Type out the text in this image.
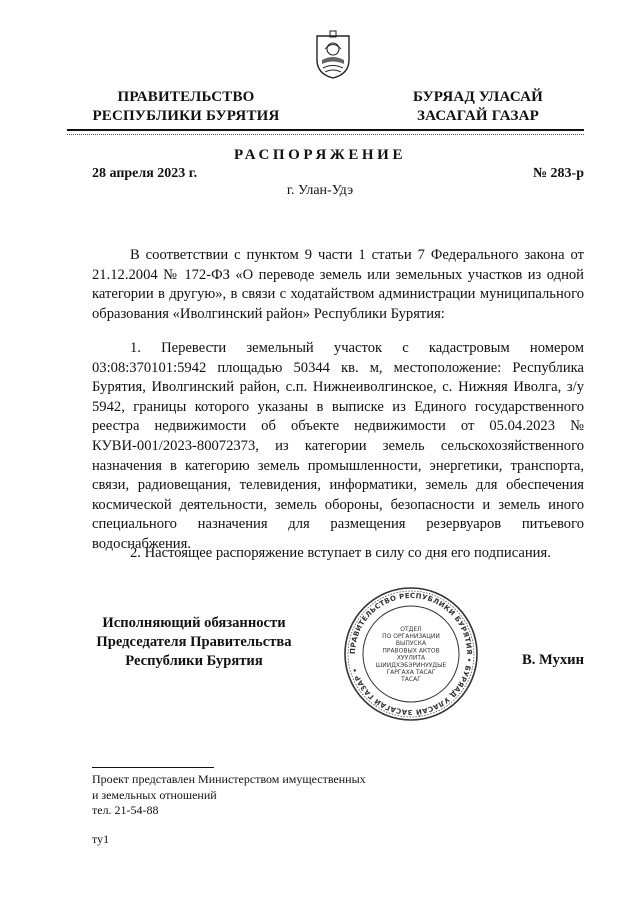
ПРАВИТЕЛЬСТВО
РЕСПУБЛИКИ БУРЯТИЯ
БУРЯАД УЛАСАЙ
ЗАСАГАЙ ГАЗАР
РАСПОРЯЖЕНИЕ
28 апреля 2023 г.	№ 283-р
г. Улан-Удэ
В соответствии с пунктом 9 части 1 статьи 7 Федерального закона от 21.12.2004 № 172-ФЗ «О переводе земель или земельных участков из одной категории в другую», в связи с ходатайством администрации муниципального образования «Иволгинский район» Республики Бурятия:
1. Перевести земельный участок с кадастровым номером 03:08:370101:5942 площадью 50344 кв. м, местоположение: Республика Бурятия, Иволгинский район, с.п. Нижнеиволгинское, с. Нижняя Иволга, з/у 5942, границы которого указаны в выписке из Единого государственного реестра недвижимости об объекте недвижимости от 05.04.2023 № КУВИ-001/2023-80072373, из категории земель сельскохозяйственного назначения в категорию земель промышленности, энергетики, транспорта, связи, радиовещания, телевидения, информатики, земель для обеспечения космической деятельности, земель обороны, безопасности и земель иного специального назначения для размещения резервуаров питьевого водоснабжения.
2. Настоящее распоряжение вступает в силу со дня его подписания.
Исполняющий обязанности
Председателя Правительства
Республики Бурятия	В. Мухин
ПРАВИТЕЛЬСТВО РЕСПУБЛИКИ БУРЯТИЯ • БУРЯАД УЛАСАЙ ЗАСАГАЙ ГАЗАР •
ОТДЕЛ
ПО ОРГАНИЗАЦИИ
ВЫПУСКА
ПРАВОВЫХ АКТОВ
ХУУЛИТА
ШИИДХЭБЭРИНУУДЫЕ
ГАРГАХА ТАСАГ
ТАСАГ
Проект представлен Министерством имущественных
и земельных отношений
тел. 21-54-88
ту1
